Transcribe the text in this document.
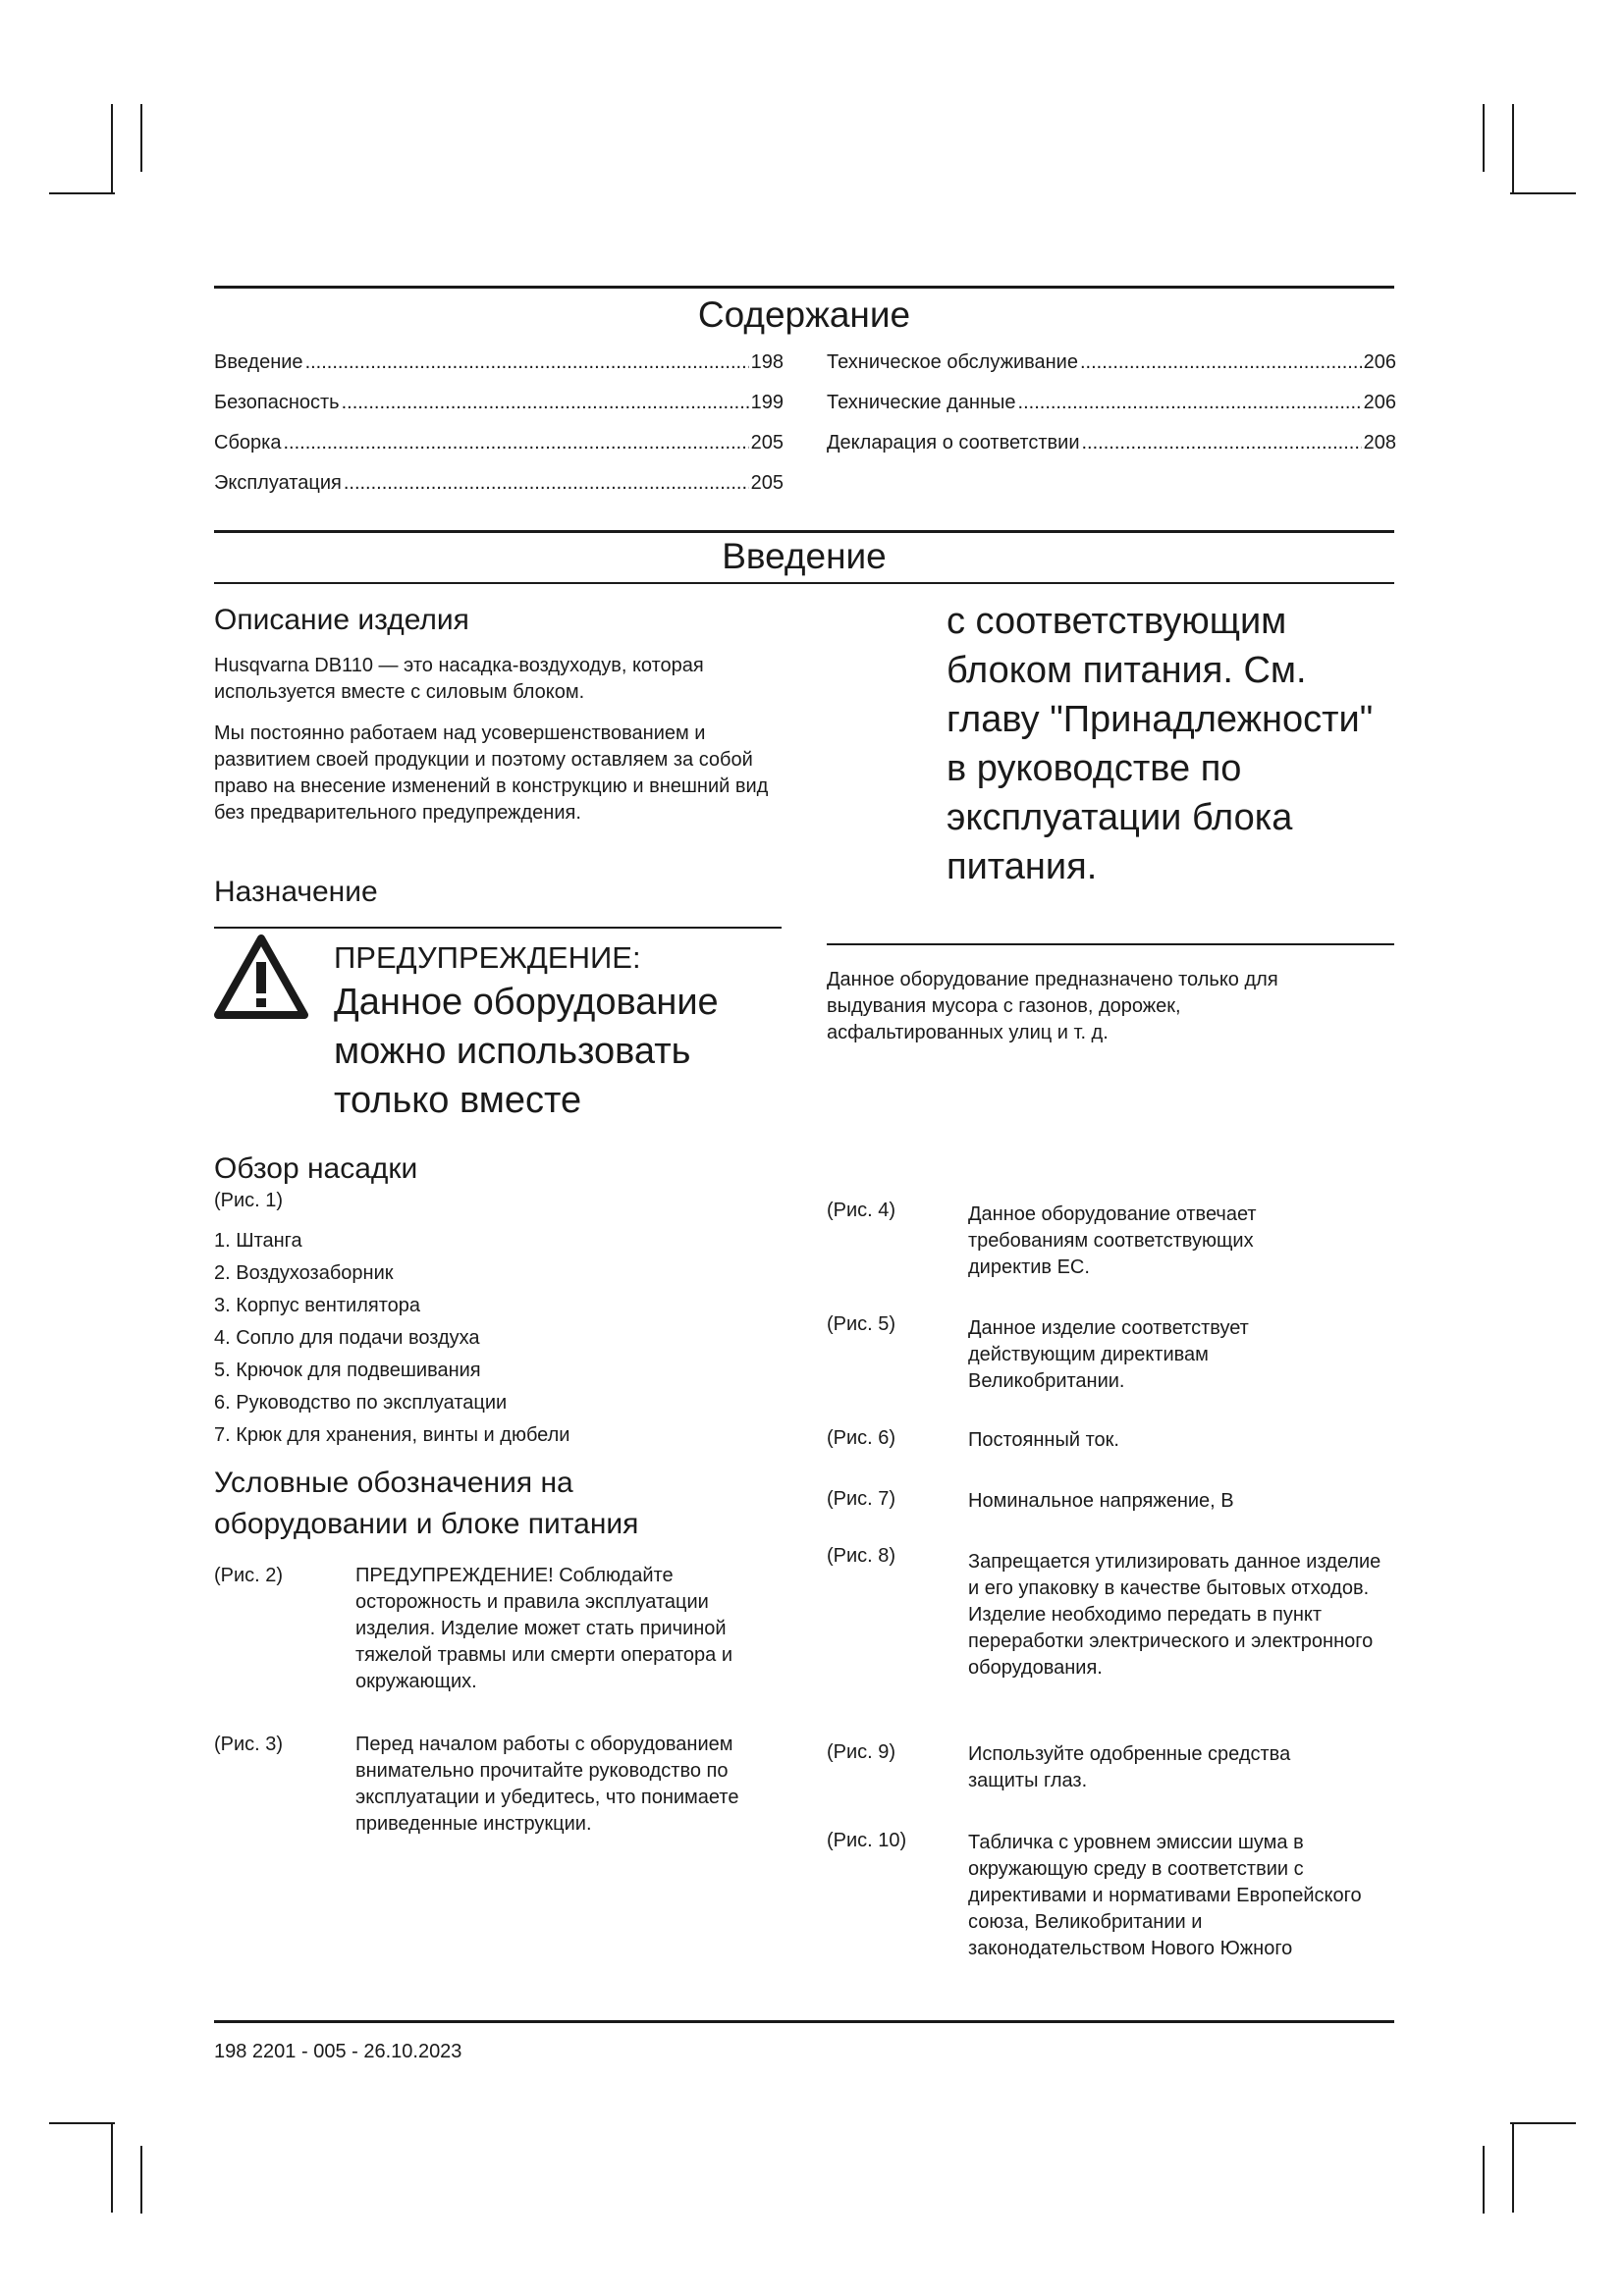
Содержание
Введение .....	198
Безопасность .....	199
Сборка .....	205
Эксплуатация .....	205
Техническое обслуживание .....	206
Технические данные .....	206
Декларация о соответствии .....	208
Введение
Описание изделия

Husqvarna DB110 — это насадка-воздуходув, которая используется вместе с силовым блоком.

Мы постоянно работаем над усовершенствованием и развитием своей продукции и поэтому оставляем за собой право на внесение изменений в конструкцию и внешний вид без предварительного предупреждения.

Назначение
ПРЕДУПРЕЖДЕНИЕ:
Данное оборудование можно использовать только вместе
Обзор насадки
(Рис. 1)
1. Штанга
2. Воздухозаборник
3. Корпус вентилятора
4. Сопло для подачи воздуха
5. Крючок для подвешивания
6. Руководство по эксплуатации
7. Крюк для хранения, винты и дюбели
Условные обозначения на оборудовании и блоке питания
(Рис. 2)	ПРЕДУПРЕЖДЕНИЕ! Соблюдайте осторожность и правила эксплуатации изделия. Изделие может стать причиной тяжелой травмы или смерти оператора и окружающих.
(Рис. 3)	Перед началом работы с оборудованием внимательно прочитайте руководство по эксплуатации и убедитесь, что понимаете приведенные инструкции.
с соответствующим блоком питания. См. главу "Принадлежности" в руководстве по эксплуатации блока питания.

Данное оборудование предназначено только для выдувания мусора с газонов, дорожек, асфальтированных улиц и т. д.

(Рис. 4)	Данное оборудование отвечает требованиям соответствующих директив ЕС.
(Рис. 5)	Данное изделие соответствует действующим директивам Великобритании.
(Рис. 6)	Постоянный ток.
(Рис. 7)	Номинальное напряжение, В
(Рис. 8)	Запрещается утилизировать данное изделие и его упаковку в качестве бытовых отходов. Изделие необходимо передать в пункт переработки электрического и электронного оборудования.
(Рис. 9)	Используйте одобренные средства защиты глаз.
(Рис. 10)	Табличка с уровнем эмиссии шума в окружающую среду в соответствии с директивами и нормативами Европейского союза, Великобритании и законодательством Нового Южного
198 2201 - 005 - 26.10.2023
